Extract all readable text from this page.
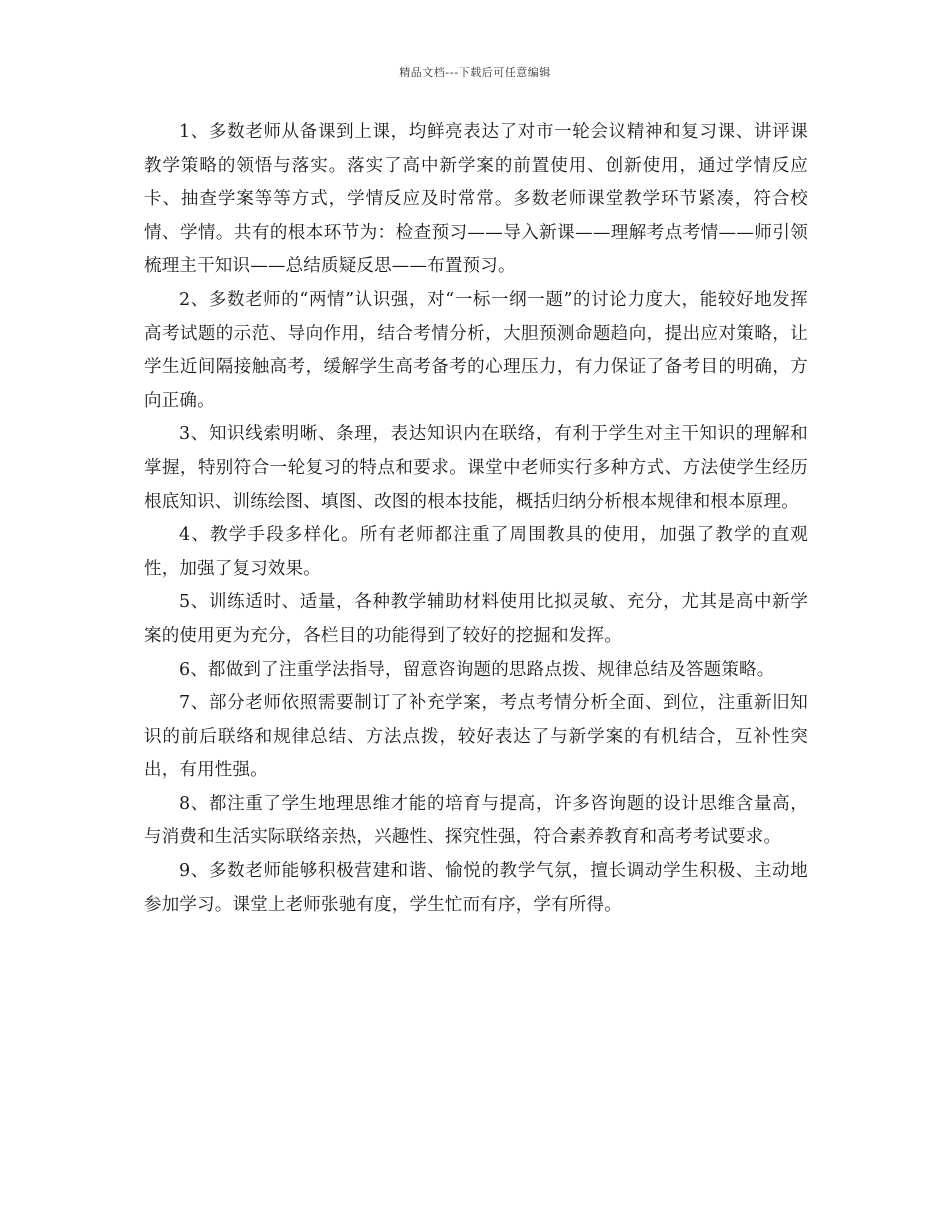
精品文档---下载后可任意编辑

1、多数老师从备课到上课，均鲜亮表达了对市一轮会议精神和复习课、讲评课教学策略的领悟与落实。落实了高中新学案的前置使用、创新使用，通过学情反应卡、抽查学案等等方式，学情反应及时常常。多数老师课堂教学环节紧凑，符合校情、学情。共有的根本环节为：检查预习——导入新课——理解考点考情——师引领梳理主干知识——总结质疑反思——布置预习。

2、多数老师的“两情”认识强，对“一标一纲一题”的讨论力度大，能较好地发挥高考试题的示范、导向作用，结合考情分析，大胆预测命题趋向，提出应对策略，让学生近间隔接触高考，缓解学生高考备考的心理压力，有力保证了备考目的明确，方向正确。

3、知识线索明晰、条理，表达知识内在联络，有利于学生对主干知识的理解和掌握，特别符合一轮复习的特点和要求。课堂中老师实行多种方式、方法使学生经历根底知识、训练绘图、填图、改图的根本技能，概括归纳分析根本规律和根本原理。

4、教学手段多样化。所有老师都注重了周围教具的使用，加强了教学的直观性，加强了复习效果。

5、训练适时、适量，各种教学辅助材料使用比拟灵敏、充分，尤其是高中新学案的使用更为充分，各栏目的功能得到了较好的挖掘和发挥。

6、都做到了注重学法指导，留意咨询题的思路点拨、规律总结及答题策略。

7、部分老师依照需要制订了补充学案，考点考情分析全面、到位，注重新旧知识的前后联络和规律总结、方法点拨，较好表达了与新学案的有机结合，互补性突出，有用性强。

8、都注重了学生地理思维才能的培育与提高，许多咨询题的设计思维含量高，与消费和生活实际联络亲热，兴趣性、探究性强，符合素养教育和高考考试要求。

9、多数老师能够积极营建和谐、愉悦的教学气氛，擅长调动学生积极、主动地参加学习。课堂上老师张驰有度，学生忙而有序，学有所得。
